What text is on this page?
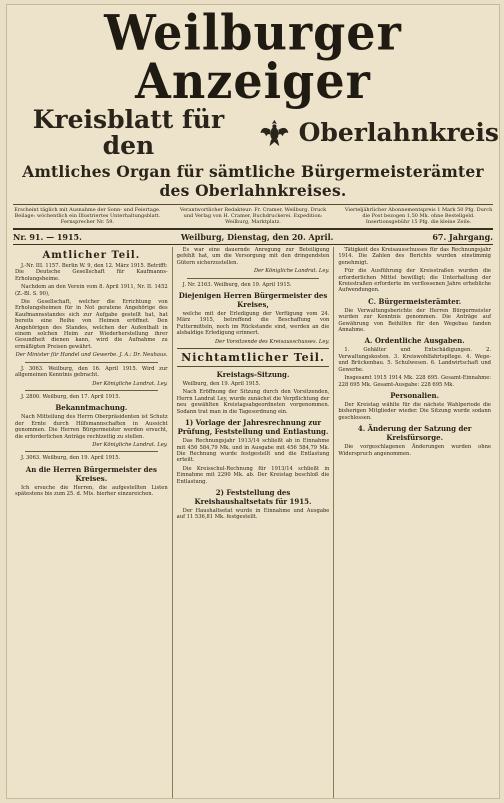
Weilburger Anzeiger
Kreisblatt für den	Oberlahnkreis
Amtliches Organ für sämtliche Bürgermeisterämter des Oberlahnkreises.
Erscheint täglich mit Ausnahme der Sonn- und Feiertage. Beilage: wöchentlich ein Illustriertes Unterhaltungsblatt. Fernsprecher Nr. 59.
Verantwortlicher Redakteur: Fr. Cramer, Weilburg. Druck und Verlag von H. Cramer, Buchdruckerei. Expedition: Weilburg, Marktplatz.
Vierteljährlicher Abonnementspreis 1 Mark 50 Pfg. Durch die Post bezogen 1,50 Mk. ohne Bestellgeld. Insertionsgebühr 15 Pfg. die kleine Zeile.
Nr. 91. — 1915.	Weilburg, Dienstag, den 20. April.	67. Jahrgang.
Amtlicher Teil.

J.-Nr. III. 1157. Berlin W. 9, den 12. März 1915. Betrifft: Die Deutsche Gesellschaft für Kaufmanns-Erholungsheime.

Nachdem an den Verein vom 8. April 1911, Nr. II. 1452 (Z.-Bl. S. 90),

Die Gesellschaft, welcher die Errichtung von Erholungsheimen für in Not geratene Angehörige des Kaufmannsstandes sich zur Aufgabe gestellt hat, hat bereits eine Reihe von Heimen eröffnet. Den Angehörigen des Standes, welchen der Aufenthalt in einem solchen Heim zur Wiederherstellung ihrer Gesundheit dienen kann, wird die Aufnahme zu ermäßigten Preisen gewährt.

Der Minister für Handel und Gewerbe. J. A.: Dr. Neuhaus.

J. 3063. Weilburg, den 16. April 1915. Wird zur allgemeinen Kenntnis gebracht.

Der Königliche Landrat. Ley.

J. 2800. Weilburg, den 17. April 1915.

Bekanntmachung.

Nach Mitteilung des Herrn Oberpräsidenten ist Schutz der Ernte durch Hilfsmannschaften in Aussicht genommen. Die Herren Bürgermeister werden ersucht, die erforderlichen Anträge rechtzeitig zu stellen.

Der Königliche Landrat. Ley.

J. 3063. Weilburg, den 19. April 1915.

An die Herren Bürgermeister des Kreises.

Ich ersuche die Herren, die aufgestellten Listen spätestens bis zum 25. d. Mts. hierher einzureichen.

Es war eine dauernde Anregung zur Beteiligung gefehlt hat, um die Versorgung mit den dringendsten Gütern sicherzustellen.

Der Königliche Landrat. Ley.

J. Nr. 2163. Weilburg, den 19. April 1915.

Diejenigen Herren Bürgermeister des Kreises,

welche mit der Erledigung der Verfügung vom 24. März 1915, betreffend die Beschaffung von Futtermitteln, noch im Rückstande sind, werden an die alsbaldige Erledigung erinnert.

Der Vorsitzende des Kreisausschusses. Ley.
Nichtamtlicher Teil.
Kreistags-Sitzung.

Weilburg, den 19. April 1915.

Nach Eröffnung der Sitzung durch den Vorsitzenden, Herrn Landrat Ley, wurde zunächst die Verpflichtung der neu gewählten Kreistagsabgeordneten vorgenommen. Sodann trat man in die Tagesordnung ein.

1) Vorlage der Jahresrechnung zur Prüfung, Feststellung und Entlastung.

Das Rechnungsjahr 1913/14 schließt ab in Einnahme mit 456 584,79 Mk. und in Ausgabe mit 456 584,79 Mk. Die Rechnung wurde festgestellt und die Entlastung erteilt.

Die Kreisschul-Rechnung für 1913/14 schließt in Einnahme mit 2290 Mk. ab. Der Kreistag beschloß die Entlastung.

2) Feststellung des Kreishaushaltsetats für 1915.

Der Haushaltsetat wurde in Einnahme und Ausgabe auf 11 536,81 Mk. festgestellt.

Tätigkeit des Kreisausschusses für das Rechnungsjahr 1914. Die Zahlen des Berichts wurden einstimmig genehmigt.

Für die Ausführung der Kreisstraßen wurden die erforderlichen Mittel bewilligt; die Unterhaltung der Kreisstraßen erforderte im verflossenen Jahre erhebliche Aufwendungen.

C. Bürgermeisterämter.

Die Verwaltungsberichte der Herren Bürgermeister wurden zur Kenntnis genommen. Die Anträge auf Gewährung von Beihilfen für den Wegebau fanden Annahme.

A. Ordentliche Ausgaben.

1. Gehälter und Entschädigungen. 2. Verwaltungskosten. 3. Kreiswohlfahrtspflege. 4. Wege- und Brückenbau. 5. Schulwesen. 6. Landwirtschaft und Gewerbe.

Insgesamt 1915 1914 Mk. 228 695. Gesamt-Einnahme: 228 695 Mk. Gesamt-Ausgabe: 228 695 Mk.

Personalien.

Der Kreistag wählte für die nächste Wahlperiode die bisherigen Mitglieder wieder. Die Sitzung wurde sodann geschlossen.

4. Änderung der Satzung der Kreisfürsorge.

Die vorgeschlagenen Änderungen wurden ohne Widerspruch angenommen.
